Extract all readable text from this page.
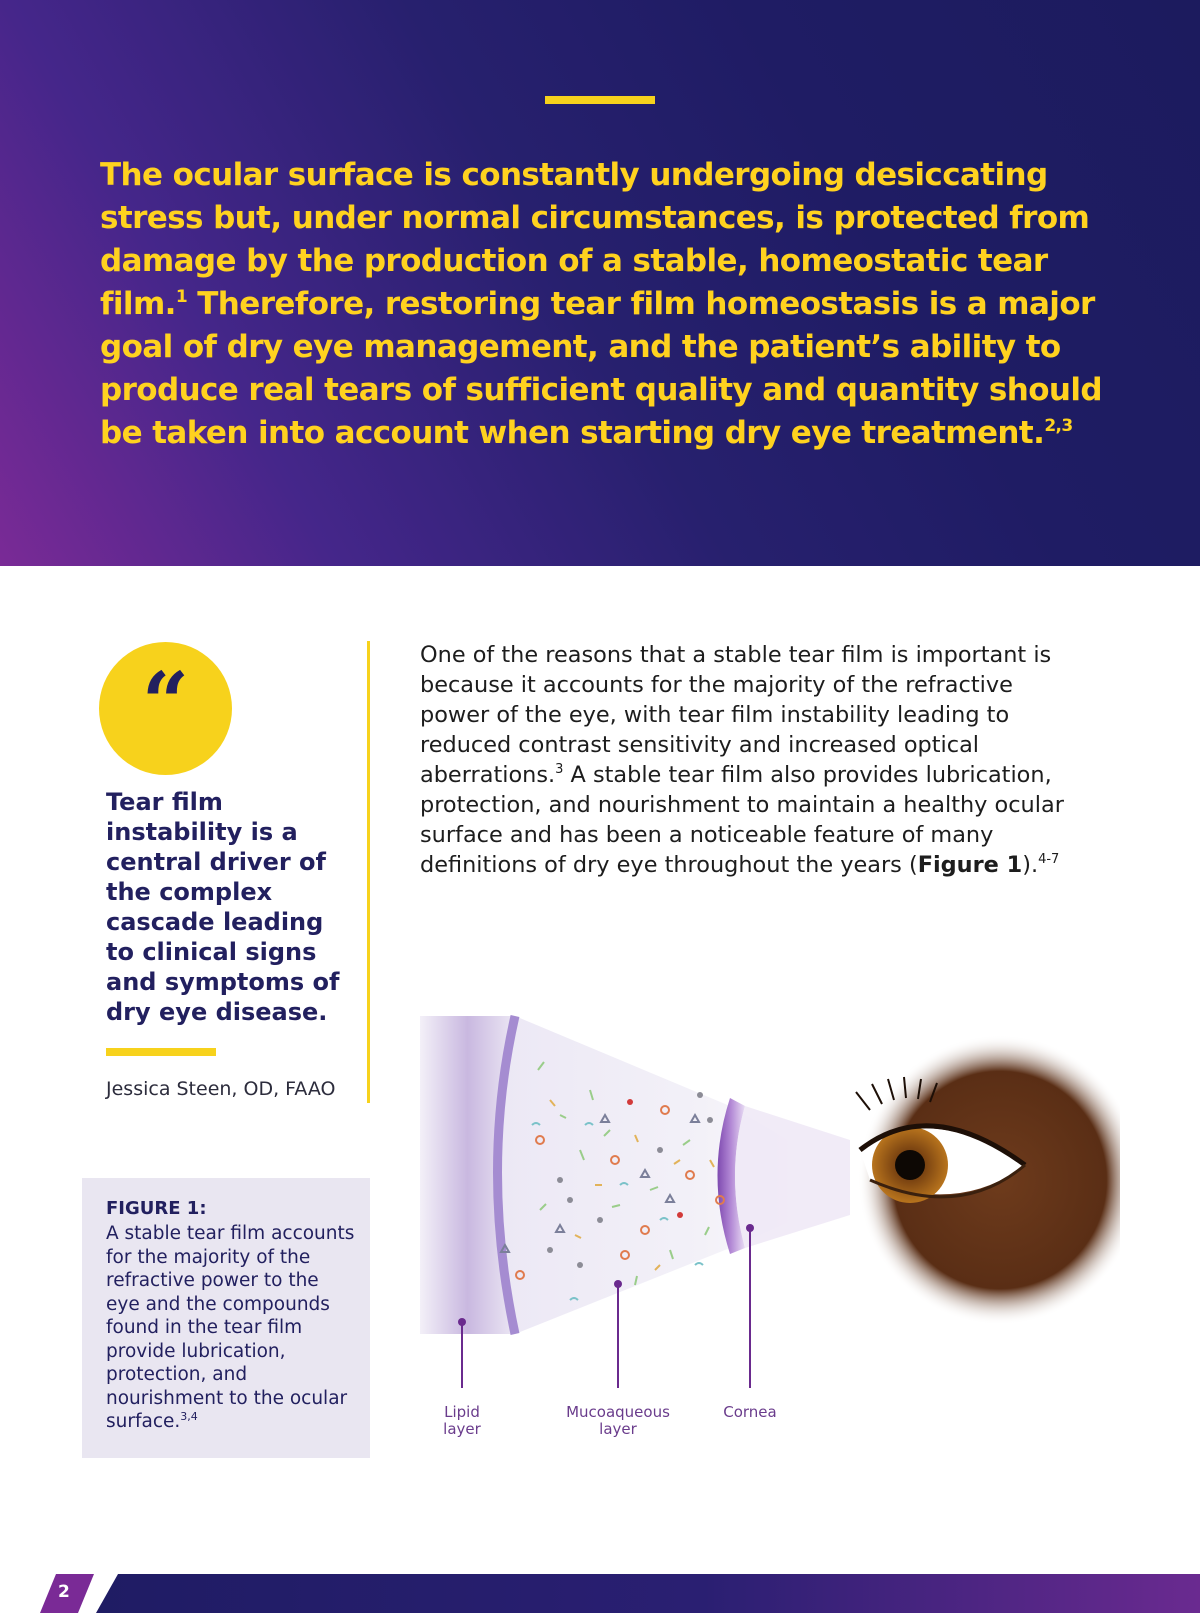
The ocular surface is constantly undergoing desiccating stress but, under normal circumstances, is protected from damage by the production of a stable, homeostatic tear film.$^1$ Therefore, restoring tear film homeostasis is a major goal of dry eye management, and the patient’s ability to produce real tears of sufficient quality and quantity should be taken into account when starting dry eye treatment.$^{2,3}$
“
Tear film instability is a central driver of the complex cascade leading to clinical signs and symptoms of dry eye disease.
Jessica Steen, OD, FAAO
One of the reasons that a stable tear film is important is because it accounts for the majority of the refractive power of the eye, with tear film instability leading to reduced contrast sensitivity and increased optical aberrations.$^3$ A stable tear film also provides lubrication, protection, and nourishment to maintain a healthy ocular surface and has been a noticeable feature of many definitions of dry eye throughout the years (Figure 1).$^{4-7}$
FIGURE 1:
A stable tear film accounts for the majority of the refractive power to the eye and the compounds found in the tear film provide lubrication, protection, and nourishment to the ocular surface.$^{3,4}$	Lipid layer
Mucoaqueous layer
Cornea
2
